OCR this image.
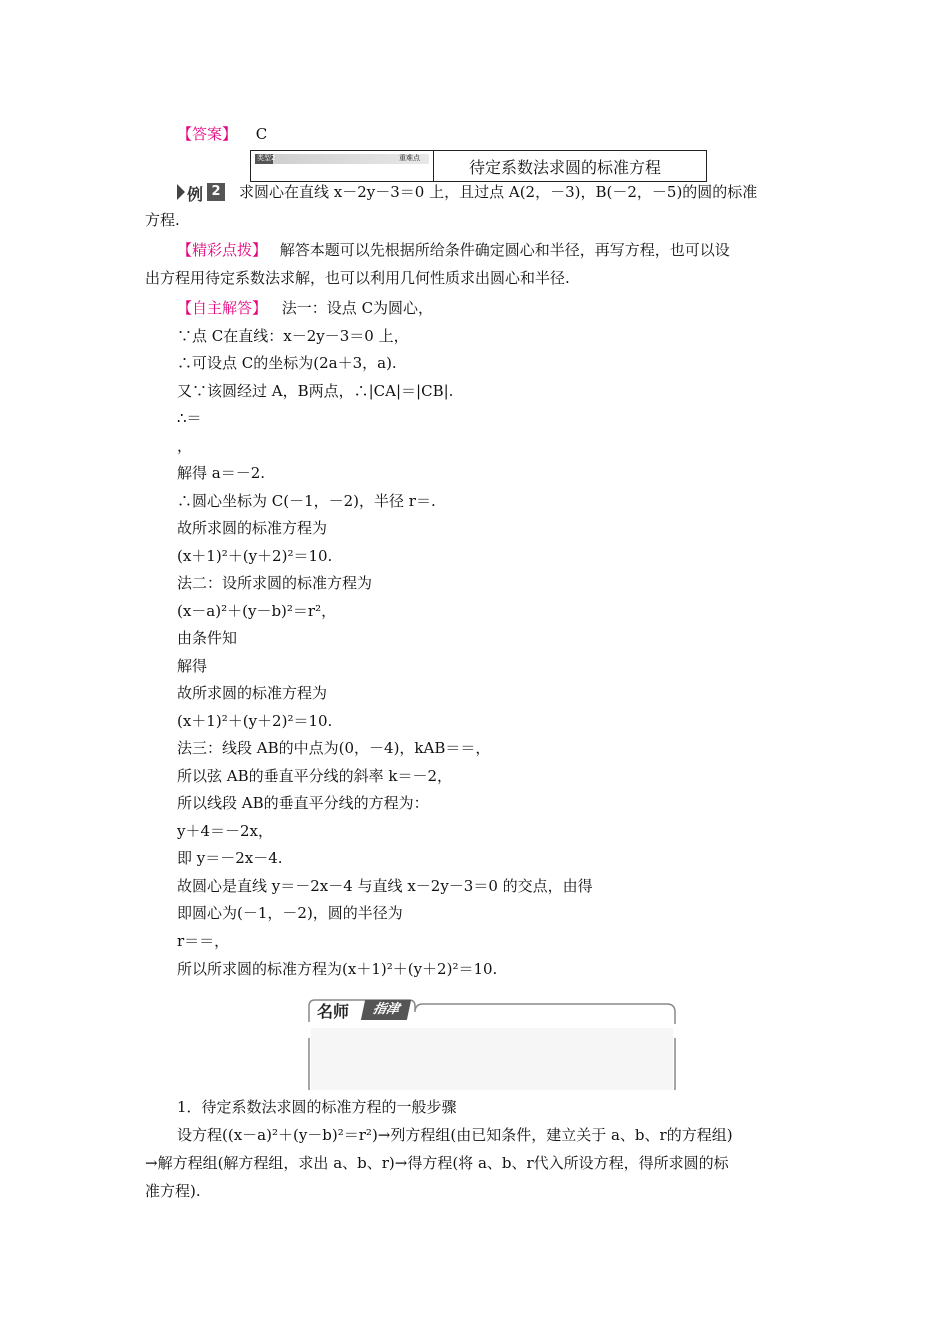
【答案】 C
类型2	重难点	待定系数法求圆的标准方程
例 2 求圆心在直线 x－2y－3＝0 上，且过点 A(2，－3)，B(－2，－5)的圆的标准
方程.
【精彩点拨】 解答本题可以先根据所给条件确定圆心和半径，再写方程，也可以设
出方程用待定系数法求解，也可以利用几何性质求出圆心和半径.
【自主解答】 法一：设点 C为圆心，
∵点 C在直线：x－2y－3＝0 上，
∴可设点 C的坐标为(2a＋3，a).
又∵该圆经过 A，B两点，∴|CA|＝|CB|.
∴＝
，
解得 a＝－2.
∴圆心坐标为 C(－1，－2)，半径 r＝.
故所求圆的标准方程为
(x＋1)²＋(y＋2)²＝10.
法二：设所求圆的标准方程为
(x－a)²＋(y－b)²＝r²，
由条件知
解得
故所求圆的标准方程为
(x＋1)²＋(y＋2)²＝10.
法三：线段 AB的中点为(0，－4)，kAB＝＝，
所以弦 AB的垂直平分线的斜率 k＝－2，
所以线段 AB的垂直平分线的方程为：
y＋4＝－2x，
即 y＝－2x－4.
故圆心是直线 y＝－2x－4 与直线 x－2y－3＝0 的交点，由得
即圆心为(－1，－2)，圆的半径为
r＝＝，
所以所求圆的标准方程为(x＋1)²＋(y＋2)²＝10.
名师	指津
1．待定系数法求圆的标准方程的一般步骤
设方程((x－a)²＋(y－b)²＝r²)→列方程组(由已知条件，建立关于 a、b、r的方程组)
→解方程组(解方程组，求出 a、b、r)→得方程(将 a、b、r代入所设方程，得所求圆的标
准方程).
